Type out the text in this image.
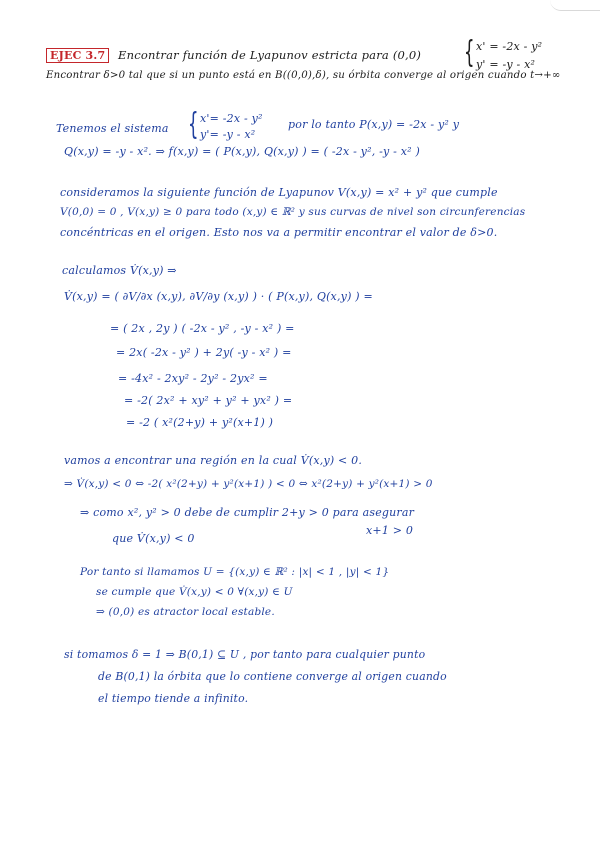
EJEC 3.7	Encontrar función de Lyapunov estricta para (0,0) { x' = -2x - y²
y' = -y - x²
Encontrar δ>0 tal que si un punto está en B((0,0),δ), su órbita converge al origen cuando t→+∞
Tenemos el sistema { x'= -2x - y²
y'= -y - x²
por lo tanto P(x,y) = -2x - y² y
Q(x,y) = -y - x². ⇒ f(x,y) = ( P(x,y), Q(x,y) ) = ( -2x - y², -y - x² )
consideramos la siguiente función de Lyapunov V(x,y) = x² + y² que cumple
V(0,0) = 0 , V(x,y) ≥ 0 para todo (x,y) ∈ ℝ² y sus curvas de nivel son circunferencias
concéntricas en el origen. Esto nos va a permitir encontrar el valor de δ>0.
calculamos V̇(x,y) ⇒
V̇(x,y) = ( ∂V/∂x (x,y), ∂V/∂y (x,y) ) · ( P(x,y), Q(x,y) ) =
= ( 2x , 2y ) ( -2x - y² , -y - x² ) =
= 2x( -2x - y² ) + 2y( -y - x² ) =
= -4x² - 2xy² - 2y² - 2yx² =
= -2( 2x² + xy² + y² + yx² ) =
= -2 ( x²(2+y) + y²(x+1) )
vamos a encontrar una región en la cual V̇(x,y) < 0.
⇒ V̇(x,y) < 0 ⇔ -2( x²(2+y) + y²(x+1) ) < 0 ⇔ x²(2+y) + y²(x+1) > 0
⇒ como x², y² > 0 debe de cumplir 2+y > 0 para asegurar
x+1 > 0
que V̇(x,y) < 0
Por tanto si llamamos U = {(x,y) ∈ ℝ² : |x| < 1 , |y| < 1}
se cumple que V̇(x,y) < 0 ∀(x,y) ∈ U
⇒ (0,0) es atractor local estable.
si tomamos δ = 1 ⇒ B(0,1) ⊆ U , por tanto para cualquier punto
de B(0,1) la órbita que lo contiene converge al origen cuando
el tiempo tiende a infinito.
